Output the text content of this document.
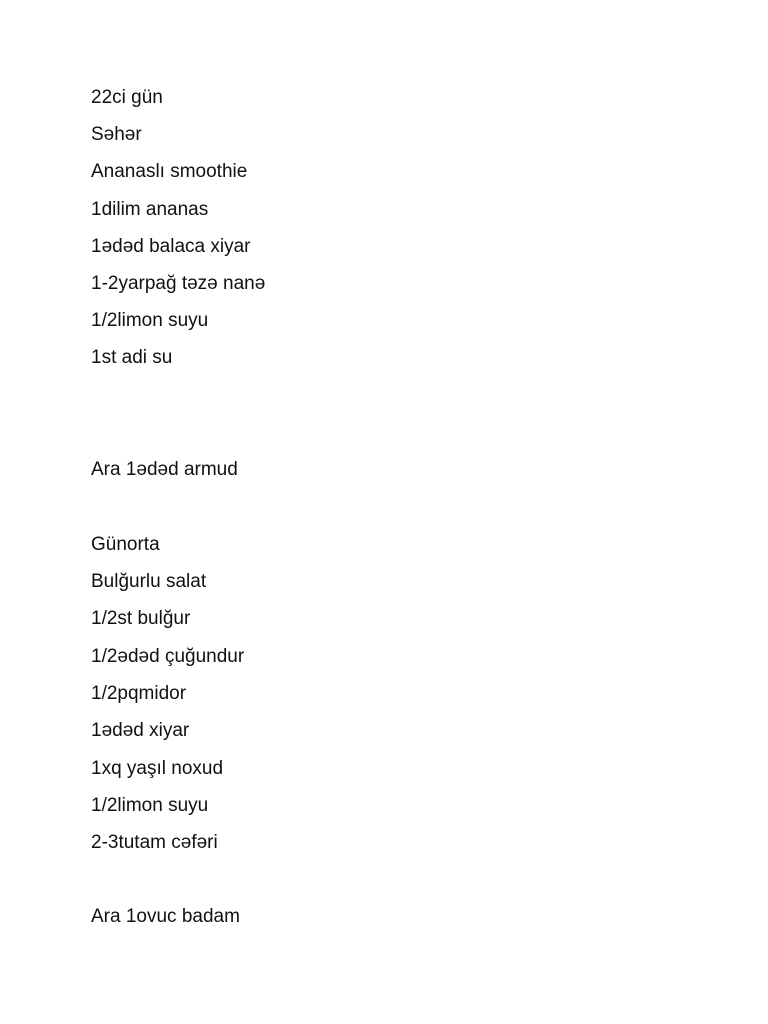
22ci gün
Səhər
Ananaslı smoothie
1dilim ananas
1ədəd balaca xiyar
1-2yarpağ təzə nanə
1/2limon suyu
1st adi su
Ara 1ədəd armud
Günorta
Bulğurlu salat
1/2st bulğur
1/2ədəd çuğundur
1/2pqmidor
1ədəd xiyar
1xq yaşıl noxud
1/2limon suyu
2-3tutam cəfəri
Ara 1ovuc badam
